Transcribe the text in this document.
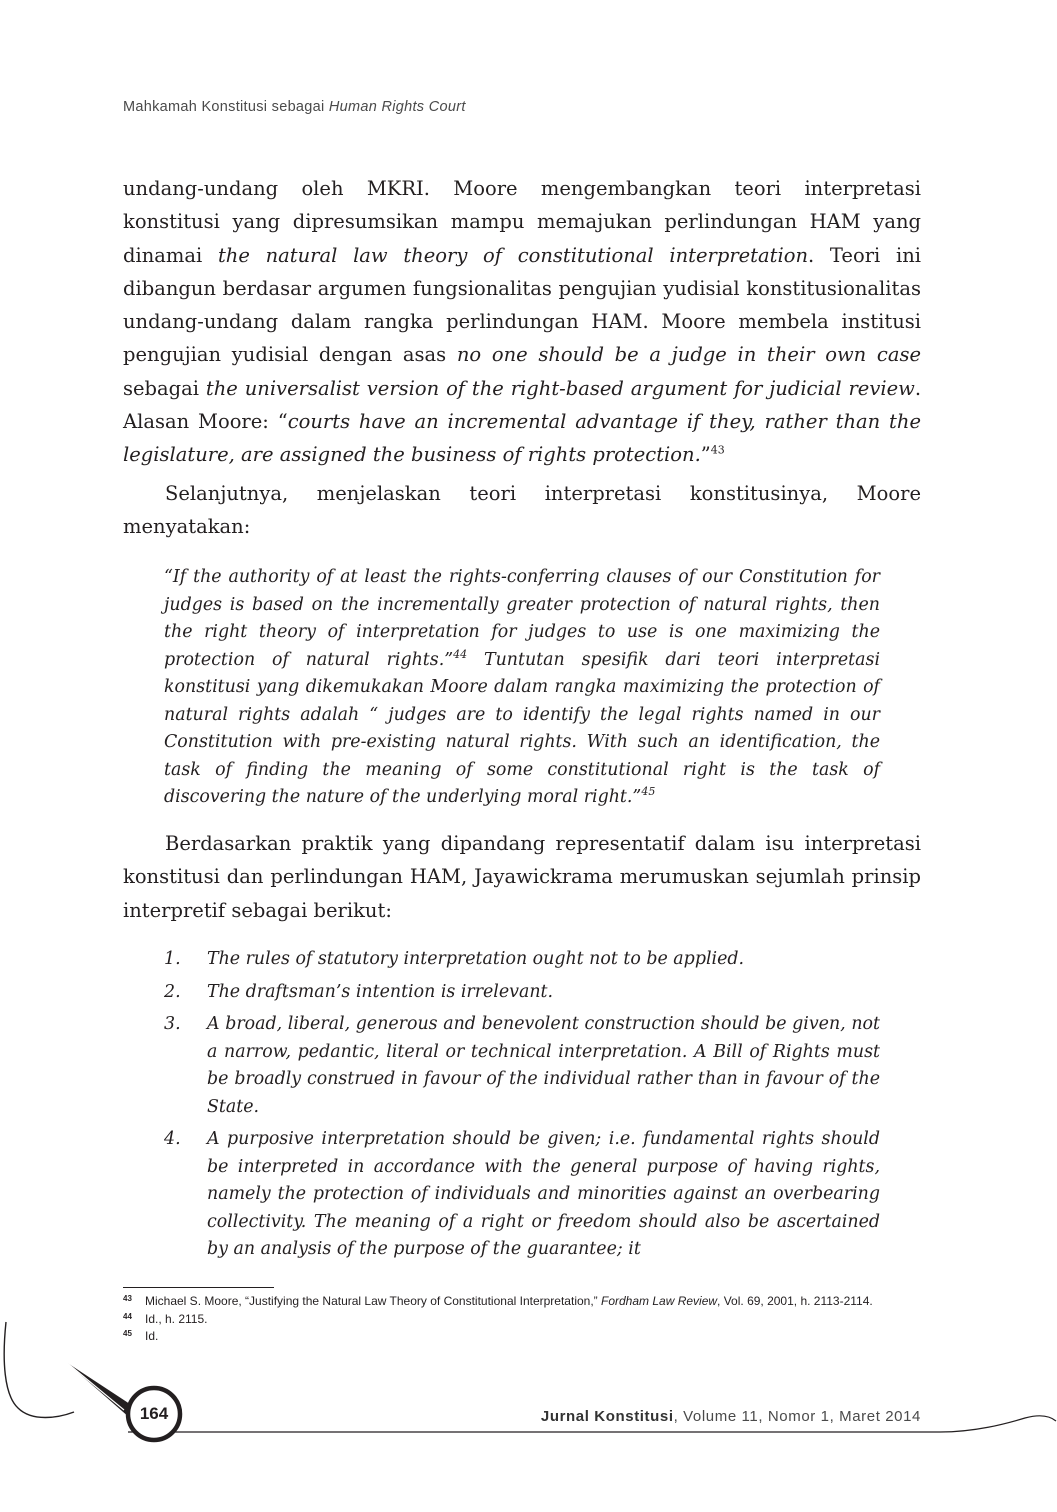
Mahkamah Konstitusi sebagai Human Rights Court

undang-undang oleh MKRI. Moore mengembangkan teori interpretasi konstitusi yang dipresumsikan mampu memajukan perlindungan HAM yang dinamai the natural law theory of constitutional interpretation. Teori ini dibangun berdasar argumen fungsionalitas pengujian yudisial konstitusionalitas undang-undang dalam rangka perlindungan HAM. Moore membela institusi pengujian yudisial dengan asas no one should be a judge in their own case sebagai the universalist version of the right-based argument for judicial review. Alasan Moore: “courts have an incremental advantage if they, rather than the legislature, are assigned the business of rights protection.”$^{43}$

Selanjutnya, menjelaskan teori interpretasi konstitusinya, Moore menyatakan:

“If the authority of at least the rights-conferring clauses of our Constitution for judges is based on the incrementally greater protection of natural rights, then the right theory of interpretation for judges to use is one maximizing the protection of natural rights.”$^{44}$ Tuntutan spesifik dari teori interpretasi konstitusi yang dikemukakan Moore dalam rangka maximizing the protection of natural rights adalah “ judges are to identify the legal rights named in our Constitution with pre-existing natural rights. With such an identification, the task of finding the meaning of some constitutional right is the task of discovering the nature of the underlying moral right.”$^{45}$

Berdasarkan praktik yang dipandang representatif dalam isu interpretasi konstitusi dan perlindungan HAM, Jayawickrama merumuskan sejumlah prinsip interpretif sebagai berikut:

1.	The rules of statutory interpretation ought not to be applied.
2.	The draftsman’s intention is irrelevant.
3.	A broad, liberal, generous and benevolent construction should be given, not a narrow, pedantic, literal or technical interpretation. A Bill of Rights must be broadly construed in favour of the individual rather than in favour of the State.
4.	A purposive interpretation should be given; i.e. fundamental rights should be interpreted in accordance with the general purpose of having rights, namely the protection of individuals and minorities against an overbearing collectivity. The meaning of a right or freedom should also be ascertained by an analysis of the purpose of the guarantee; it
43	Michael S. Moore, “Justifying the Natural Law Theory of Constitutional Interpretation,” Fordham Law Review, Vol. 69, 2001, h. 2113-2114.
44	Id., h. 2115.
45	Id.
164	Jurnal Konstitusi, Volume 11, Nomor 1, Maret 2014
